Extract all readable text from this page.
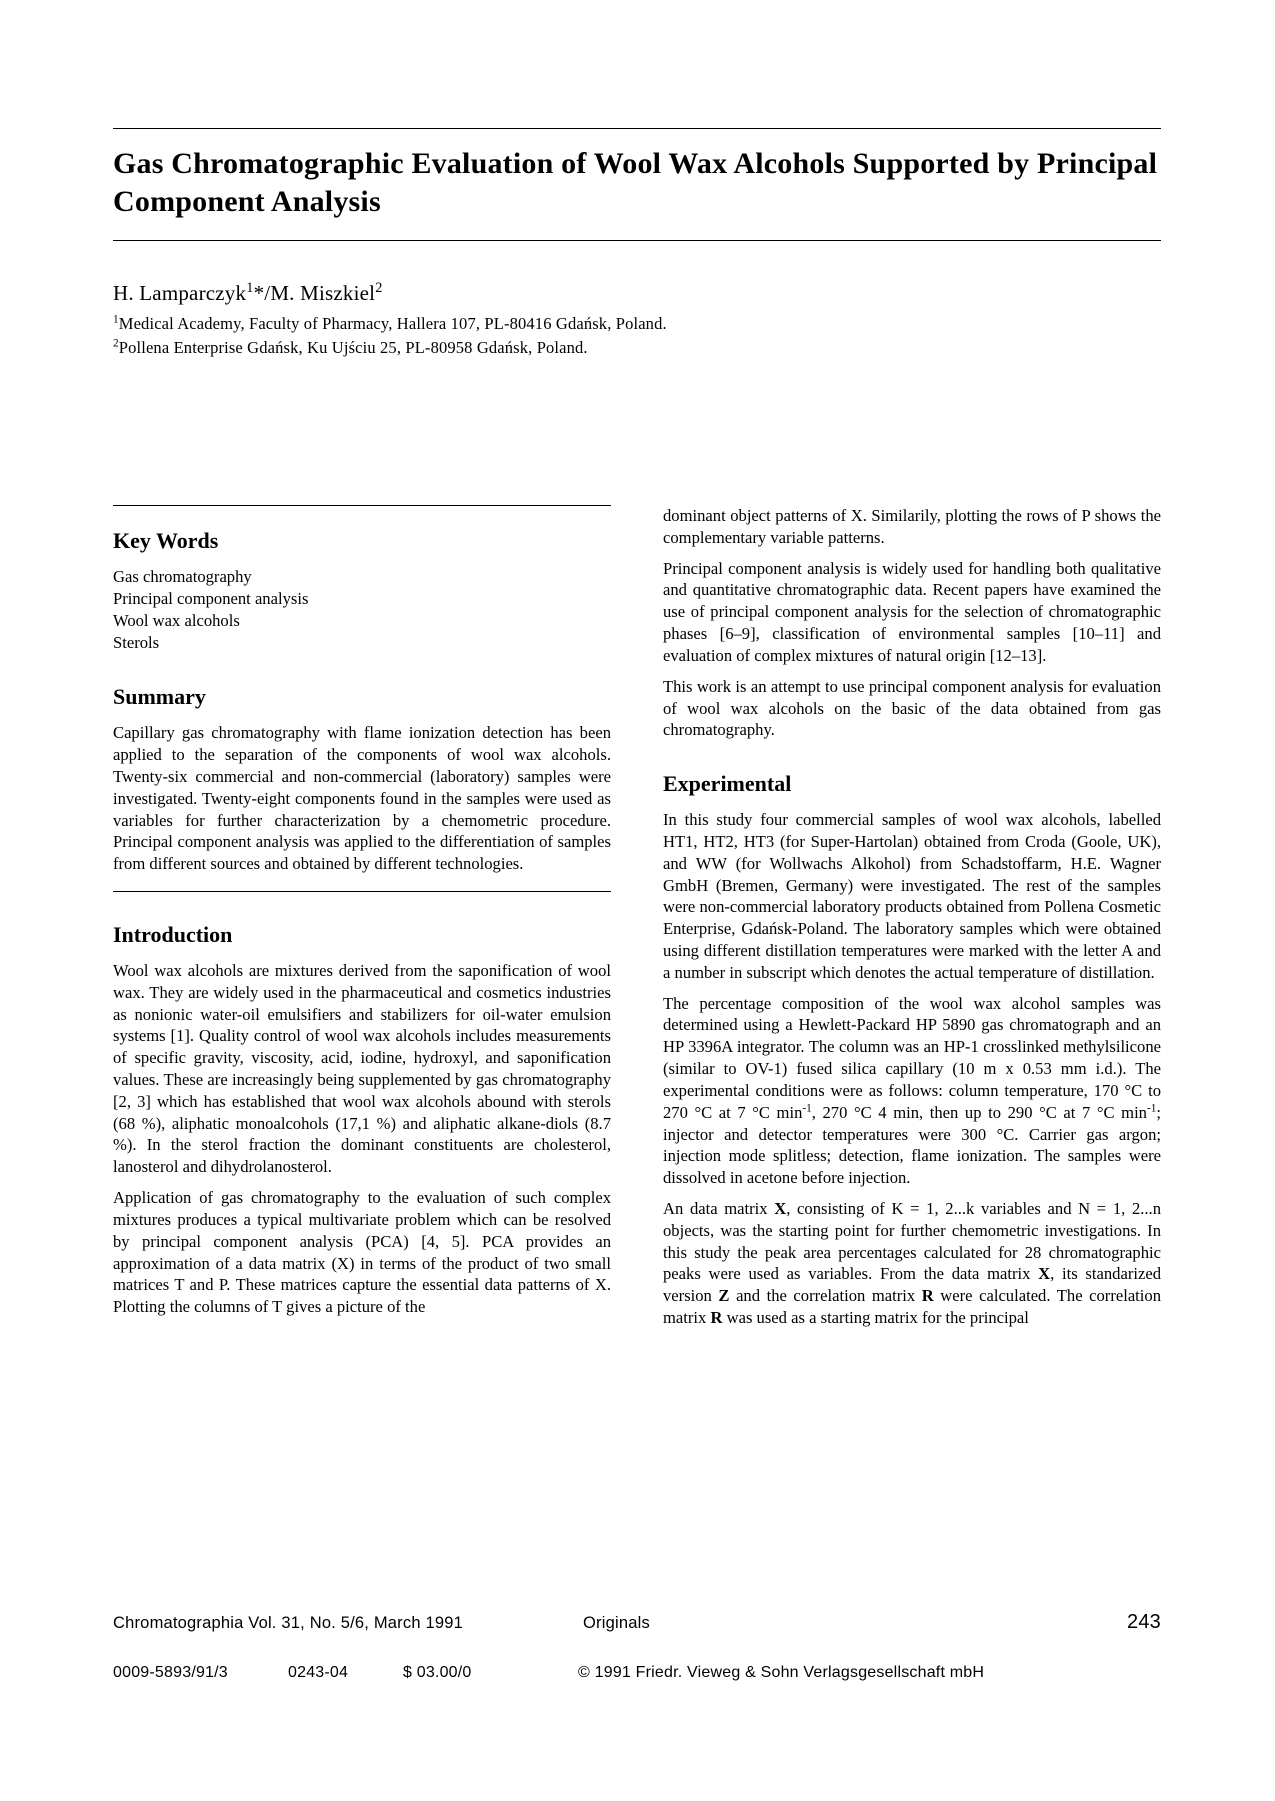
Gas Chromatographic Evaluation of Wool Wax Alcohols Supported by Principal Component Analysis
H. Lamparczyk$^1$*/M. Miszkiel$^2$
$^1$Medical Academy, Faculty of Pharmacy, Hallera 107, PL-80416 Gdańsk, Poland.
$^2$Pollena Enterprise Gdańsk, Ku Ujściu 25, PL-80958 Gdańsk, Poland.
Key Words
Gas chromatography
Principal component analysis
Wool wax alcohols
Sterols
Summary

Capillary gas chromatography with flame ionization detection has been applied to the separation of the components of wool wax alcohols. Twenty-six commercial and non-commercial (laboratory) samples were investigated. Twenty-eight components found in the samples were used as variables for further characterization by a chemometric procedure. Principal component analysis was applied to the differentiation of samples from different sources and obtained by different technologies.

Introduction

Wool wax alcohols are mixtures derived from the saponification of wool wax. They are widely used in the pharmaceutical and cosmetics industries as nonionic water-oil emulsifiers and stabilizers for oil-water emulsion systems [1]. Quality control of wool wax alcohols includes measurements of specific gravity, viscosity, acid, iodine, hydroxyl, and saponification values. These are increasingly being supplemented by gas chromatography [2, 3] which has established that wool wax alcohols abound with sterols (68 %), aliphatic monoalcohols (17,1 %) and aliphatic alkane-diols (8.7 %). In the sterol fraction the dominant constituents are cholesterol, lanosterol and dihydrolanosterol.

Application of gas chromatography to the evaluation of such complex mixtures produces a typical multivariate problem which can be resolved by principal component analysis (PCA) [4, 5]. PCA provides an approximation of a data matrix (X) in terms of the product of two small matrices T and P. These matrices capture the essential data patterns of X. Plotting the columns of T gives a picture of the

dominant object patterns of X. Similarily, plotting the rows of P shows the complementary variable patterns.

Principal component analysis is widely used for handling both qualitative and quantitative chromatographic data. Recent papers have examined the use of principal component analysis for the selection of chromatographic phases [6–9], classification of environmental samples [10–11] and evaluation of complex mixtures of natural origin [12–13].

This work is an attempt to use principal component analysis for evaluation of wool wax alcohols on the basic of the data obtained from gas chromatography.

Experimental

In this study four commercial samples of wool wax alcohols, labelled HT1, HT2, HT3 (for Super-Hartolan) obtained from Croda (Goole, UK), and WW (for Wollwachs Alkohol) from Schadstoffarm, H.E. Wagner GmbH (Bremen, Germany) were investigated. The rest of the samples were non-commercial laboratory products obtained from Pollena Cosmetic Enterprise, Gdańsk-Poland. The laboratory samples which were obtained using different distillation temperatures were marked with the letter A and a number in subscript which denotes the actual temperature of distillation.

The percentage composition of the wool wax alcohol samples was determined using a Hewlett-Packard HP 5890 gas chromatograph and an HP 3396A integrator. The column was an HP-1 crosslinked methylsilicone (similar to OV-1) fused silica capillary (10 m x 0.53 mm i.d.). The experimental conditions were as follows: column temperature, 170 °C to 270 °C at 7 °C $\min^{-1}$, 270 °C 4 min, then up to 290 °C at 7 °C $\min^{-1}$; injector and detector temperatures were 300 °C. Carrier gas argon; injection mode splitless; detection, flame ionization. The samples were dissolved in acetone before injection.

An data matrix X, consisting of K = 1, 2...k variables and N = 1, 2...n objects, was the starting point for further chemometric investigations. In this study the peak area percentages calculated for 28 chromatographic peaks were used as variables. From the data matrix X, its standarized version Z and the correlation matrix R were calculated. The correlation matrix R was used as a starting matrix for the principal

Chromatographia Vol. 31, No. 5/6, March 1991	Originals	243
0009-5893/91/3	0243-04	$ 03.00/0	© 1991 Friedr. Vieweg & Sohn Verlagsgesellschaft mbH
